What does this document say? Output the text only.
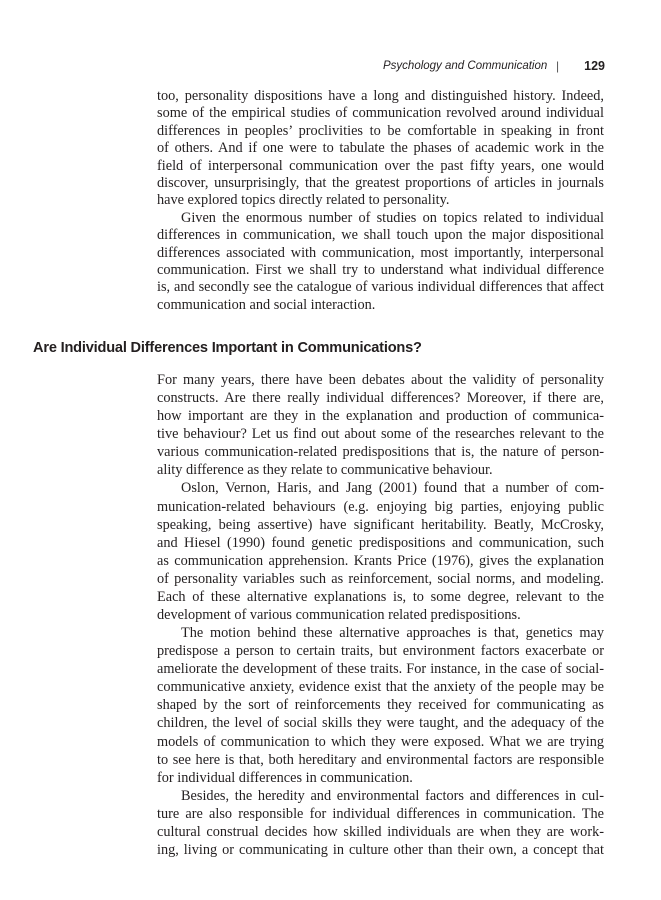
Psychology and Communication | 129
too, personality dispositions have a long and distinguished history. Indeed,
some of the empirical studies of communication revolved around individual
differences in peoples’ proclivities to be comfortable in speaking in front
of others. And if one were to tabulate the phases of academic work in the
field of interpersonal communication over the past fifty years, one would
discover, unsurprisingly, that the greatest proportions of articles in journals
have explored topics directly related to personality.
Given the enormous number of studies on topics related to individual
differences in communication, we shall touch upon the major dispositional
differences associated with communication, most importantly, interpersonal
communication. First we shall try to understand what individual difference
is, and secondly see the catalogue of various individual differences that affect
communication and social interaction.
Are Individual Differences Important in Communications?
For many years, there have been debates about the validity of personality
constructs. Are there really individual differences? Moreover, if there are,
how important are they in the explanation and production of communica-
tive behaviour? Let us find out about some of the researches relevant to the
various communication-related predispositions that is, the nature of person-
ality difference as they relate to communicative behaviour.
Oslon, Vernon, Haris, and Jang (2001) found that a number of com-
munication-related behaviours (e.g. enjoying big parties, enjoying public
speaking, being assertive) have significant heritability. Beatly, McCrosky,
and Hiesel (1990) found genetic predispositions and communication, such
as communication apprehension. Krants Price (1976), gives the explanation
of personality variables such as reinforcement, social norms, and modeling.
Each of these alternative explanations is, to some degree, relevant to the
development of various communication related predispositions.
The motion behind these alternative approaches is that, genetics may
predispose a person to certain traits, but environment factors exacerbate or
ameliorate the development of these traits. For instance, in the case of social-
communicative anxiety, evidence exist that the anxiety of the people may be
shaped by the sort of reinforcements they received for communicating as
children, the level of social skills they were taught, and the adequacy of the
models of communication to which they were exposed. What we are trying
to see here is that, both hereditary and environmental factors are responsible
for individual differences in communication.
Besides, the heredity and environmental factors and differences in cul-
ture are also responsible for individual differences in communication. The
cultural construal decides how skilled individuals are when they are work-
ing, living or communicating in culture other than their own, a concept that
